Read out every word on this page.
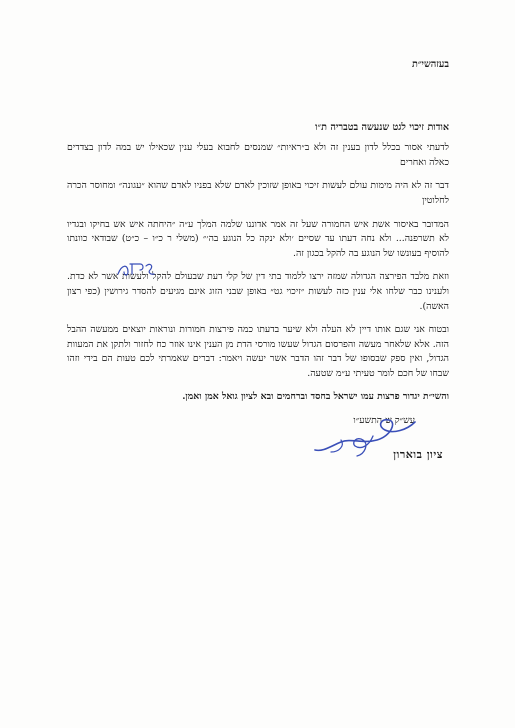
בעזהשי״ת

אודות זיכוי לגט שנעשה בטבריה ת״ו

לדעתי אסור בכלל לדון בענין זה ולא ב״ראיות״ שמנסים לחבוא בעלי ענין שכאילו יש במה לדון בצדדים כאלה ואחרים

דבר זה לא היה מימות עולם לעשות זיכוי באופן שזוכין לאדם שלא בפניו לאדם שהוא ״עגונה״ ומחוסר הכרה לחלוטין

המדובר באיסור אשת איש החמורה שעל זה אמר אדוננו שלמה המלך ע״ה ״היחתה איש אש בחיקו ובגדיו לא תשרפנה... ולא נחה דעתו עד שסיים ׳ולא ינקה כל הנוגע בה׳״ (משלי ר כ״ו – כ״ט) שבודאי כוונתו להוסיף בעונשו של הנוגע בה להקל בכגון זה.

וזאת מלבד הפירצה הגדולה שמזה ירצו ללמוד בתי דין של קלי דעת שבעולם להקל ולעשות אשר לא כדת. ולענינו כבר שלחו אלי ענין כזה לעשות ״זיכוי גט״ באופן שבני הזוג אינם מגיעים להסדר גירושין (כפי רצון האשה).

ובטוח אני שגם אותו דיין לא העלה ולא שיער בדעתו כמה פירצות חמורות ונוראות יוצאים ממעשה ההבל הזה. אלא שלאחר מעשה והפרסום הגדול שעשו מורסי הדת מן הענין אינו אוזר כח לחזור ולתקן את המעוות הגדול, ואין ספק שבסופו של דבר זהו הדבר אשר יעשה ויאמר: דברים שאמרתי לכם טעות הם בידי וזהו שבחו של חכם לומר טעיתי ע״מ שטעה.

והשי״ת יגדור פרצות עמו ישראל בחסד וברחמים ובא לציון גואל אמן ואמן.

עש״ק ש התשע״ו
ציון בוארון
